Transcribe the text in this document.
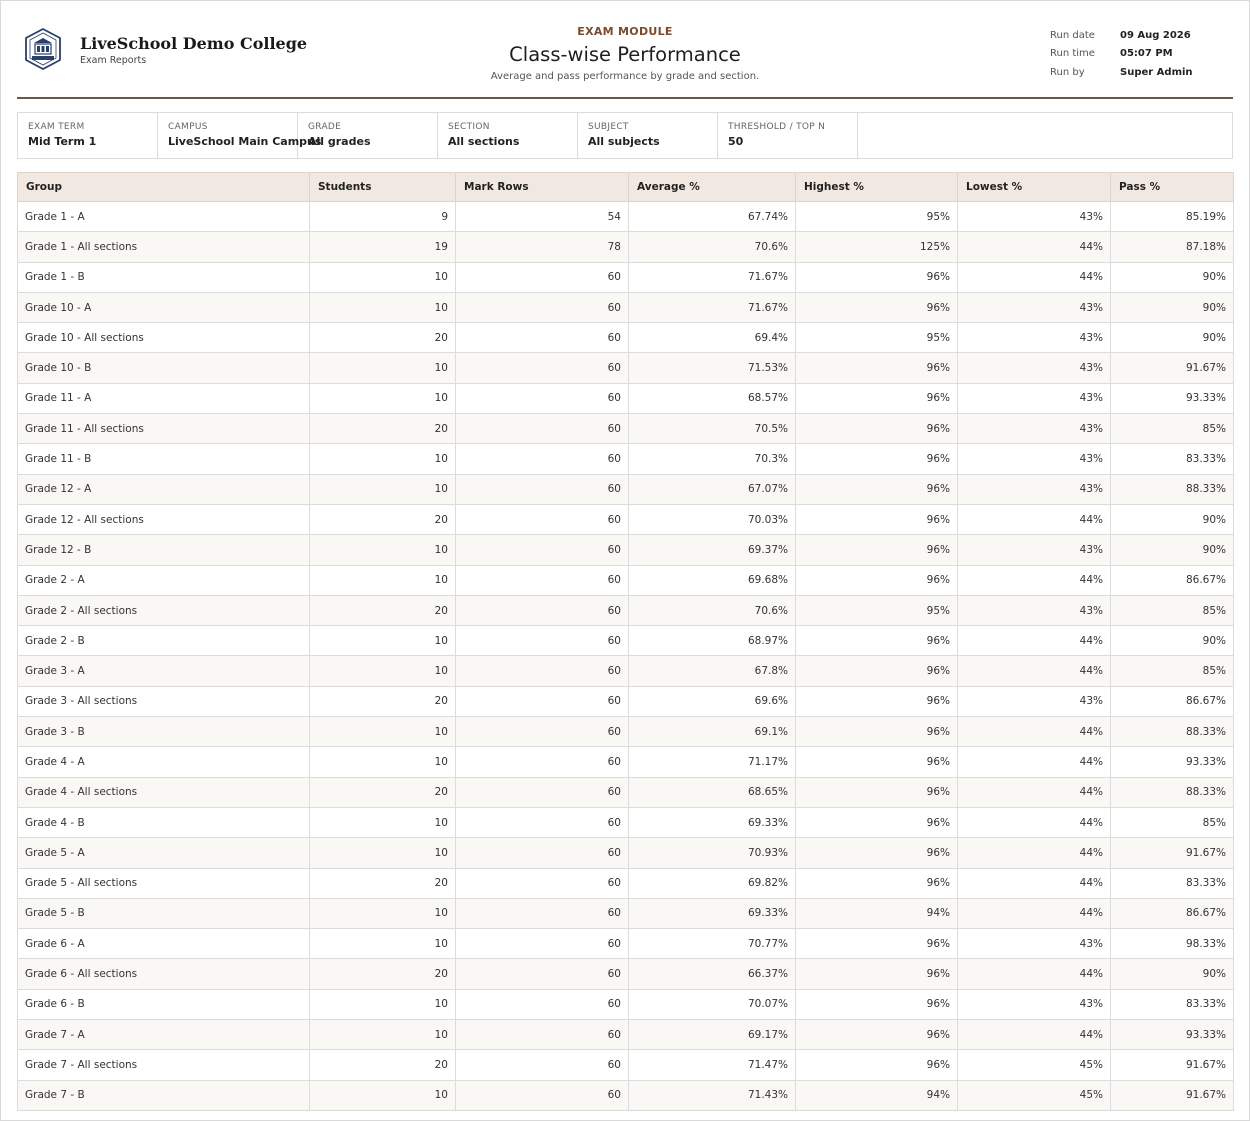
LiveSchool Demo College
Exam Reports
EXAM MODULE
Class-wise Performance
Average and pass performance by grade and section.
Run date	09 Aug 2026
Run time	05:07 PM
Run by	Super Admin
EXAM TERM
Mid Term 1
CAMPUS
LiveSchool Main Campus
GRADE
All grades
SECTION
All sections
SUBJECT
All subjects
THRESHOLD / TOP N
50
Group	Students	Mark Rows	Average %	Highest %	Lowest %	Pass %
Grade 1 - A	9	54	67.74%	95%	43%	85.19%
Grade 1 - All sections	19	78	70.6%	125%	44%	87.18%
Grade 1 - B	10	60	71.67%	96%	44%	90%
Grade 10 - A	10	60	71.67%	96%	43%	90%
Grade 10 - All sections	20	60	69.4%	95%	43%	90%
Grade 10 - B	10	60	71.53%	96%	43%	91.67%
Grade 11 - A	10	60	68.57%	96%	43%	93.33%
Grade 11 - All sections	20	60	70.5%	96%	43%	85%
Grade 11 - B	10	60	70.3%	96%	43%	83.33%
Grade 12 - A	10	60	67.07%	96%	43%	88.33%
Grade 12 - All sections	20	60	70.03%	96%	44%	90%
Grade 12 - B	10	60	69.37%	96%	43%	90%
Grade 2 - A	10	60	69.68%	96%	44%	86.67%
Grade 2 - All sections	20	60	70.6%	95%	43%	85%
Grade 2 - B	10	60	68.97%	96%	44%	90%
Grade 3 - A	10	60	67.8%	96%	44%	85%
Grade 3 - All sections	20	60	69.6%	96%	43%	86.67%
Grade 3 - B	10	60	69.1%	96%	44%	88.33%
Grade 4 - A	10	60	71.17%	96%	44%	93.33%
Grade 4 - All sections	20	60	68.65%	96%	44%	88.33%
Grade 4 - B	10	60	69.33%	96%	44%	85%
Grade 5 - A	10	60	70.93%	96%	44%	91.67%
Grade 5 - All sections	20	60	69.82%	96%	44%	83.33%
Grade 5 - B	10	60	69.33%	94%	44%	86.67%
Grade 6 - A	10	60	70.77%	96%	43%	98.33%
Grade 6 - All sections	20	60	66.37%	96%	44%	90%
Grade 6 - B	10	60	70.07%	96%	43%	83.33%
Grade 7 - A	10	60	69.17%	96%	44%	93.33%
Grade 7 - All sections	20	60	71.47%	96%	45%	91.67%
Grade 7 - B	10	60	71.43%	94%	45%	91.67%
